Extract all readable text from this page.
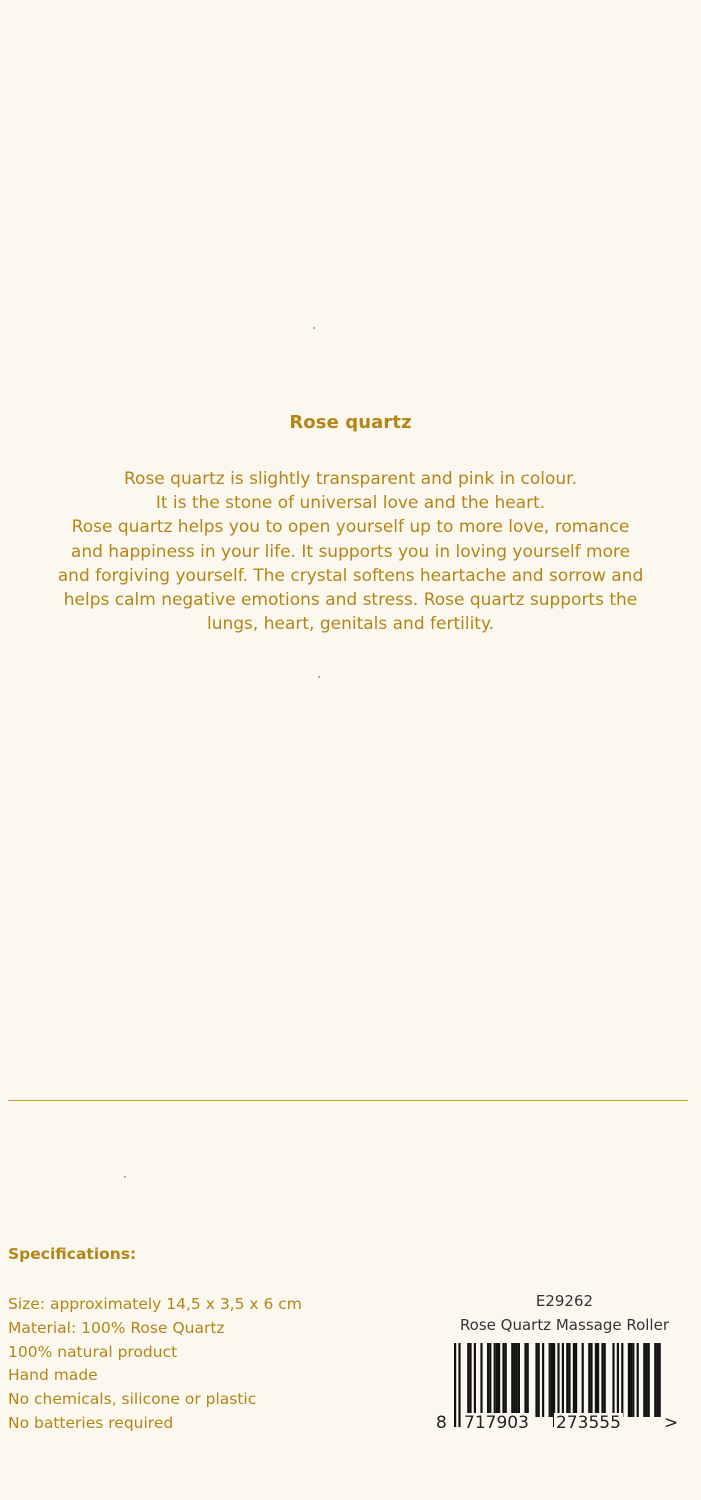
Rose quartz
Rose quartz is slightly transparent and pink in colour.
It is the stone of universal love and the heart.
Rose quartz helps you to open yourself up to more love, romance
and happiness in your life. It supports you in loving yourself more
and forgiving yourself. The crystal softens heartache and sorrow and
helps calm negative emotions and stress. Rose quartz supports the
lungs, heart, genitals and fertility.
Specifications:
Size: approximately 14,5 x 3,5 x 6 cm
Material: 100% Rose Quartz
100% natural product
Hand made
No chemicals, silicone or plastic
No batteries required
E29262
Rose Quartz Massage Roller
8 717903 273555	>
